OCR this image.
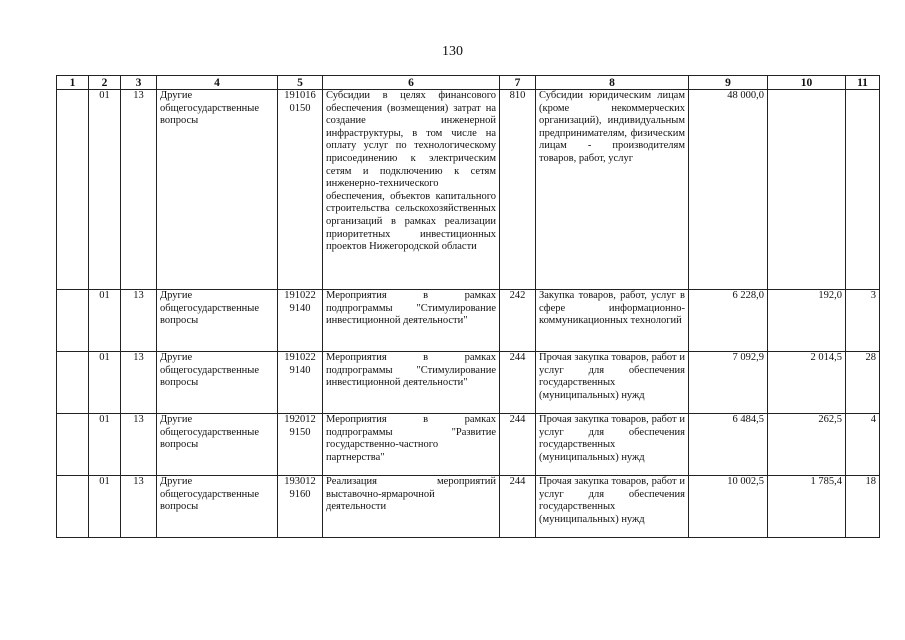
130
1	2	3	4	5	6	7	8	9	10	11
	01	13	Другие общегосударственные вопросы	191016 0150	Субсидии в целях финансового обеспечения (возмещения) затрат на создание инженерной инфраструктуры, в том числе на оплату услуг по технологическому присоединению к электрическим сетям и подключению к сетям инженерно-технического обеспечения, объектов капитального строительства сельскохозяйственных организаций в рамках реализации приоритетных инвестиционных проектов Нижегородской области	810	Субсидии юридическим лицам (кроме некоммерческих организаций), индивидуальным предпринимателям, физическим лицам - производителям товаров, работ, услуг	48 000,0		
	01	13	Другие общегосударственные вопросы	191022 9140	Мероприятия в рамках подпрограммы "Стимулирование инвестиционной деятельности"	242	Закупка товаров, работ, услуг в сфере информационно-коммуникационных технологий	6 228,0	192,0	3
	01	13	Другие общегосударственные вопросы	191022 9140	Мероприятия в рамках подпрограммы "Стимулирование инвестиционной деятельности"	244	Прочая закупка товаров, работ и услуг для обеспечения государственных (муниципальных) нужд	7 092,9	2 014,5	28
	01	13	Другие общегосударственные вопросы	192012 9150	Мероприятия в рамках подпрограммы "Развитие государственно-частного партнерства"	244	Прочая закупка товаров, работ и услуг для обеспечения государственных (муниципальных) нужд	6 484,5	262,5	4
	01	13	Другие общегосударственные вопросы	193012 9160	Реализация мероприятий выставочно-ярмарочной деятельности	244	Прочая закупка товаров, работ и услуг для обеспечения государственных (муниципальных) нужд	10 002,5	1 785,4	18
